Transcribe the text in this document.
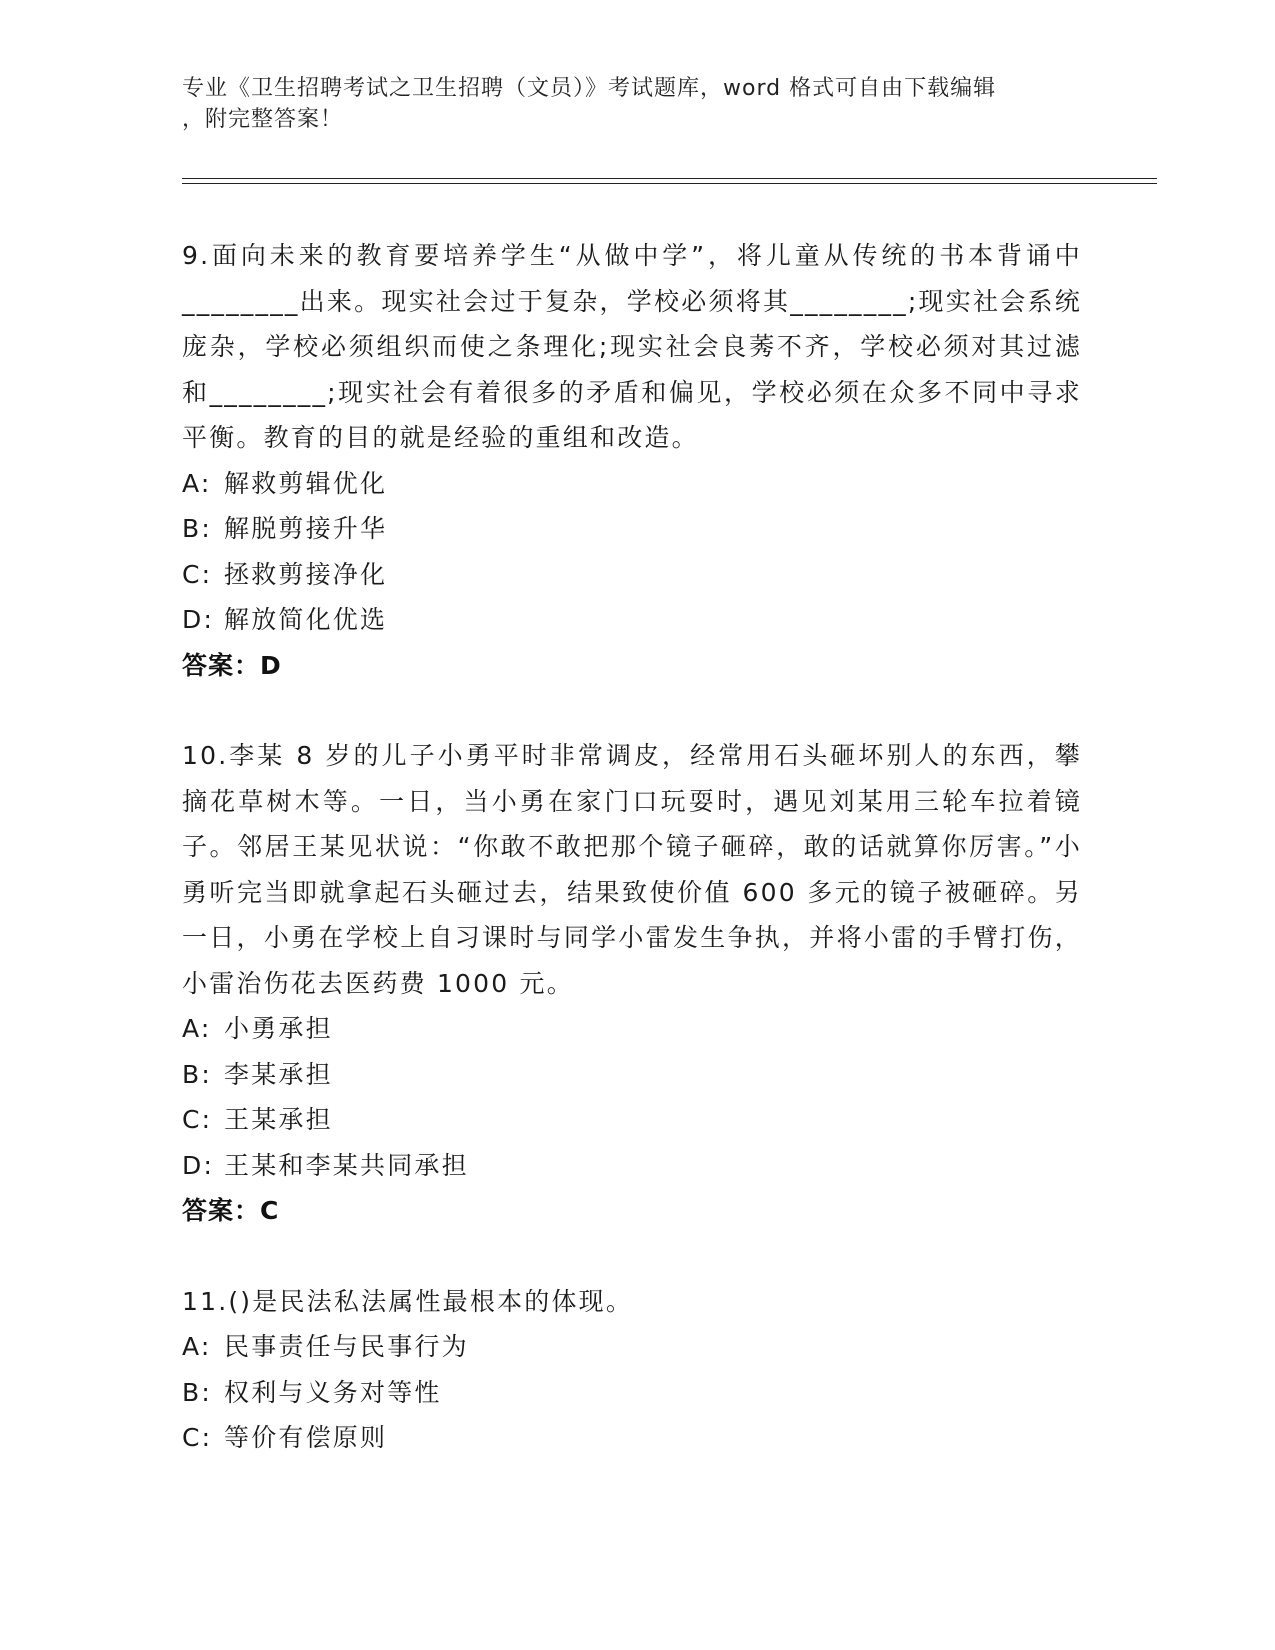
专业《卫生招聘考试之卫生招聘（文员）》考试题库，word 格式可自由下载编辑
，附完整答案！
9.面向未来的教育要培养学生“从做中学”，将儿童从传统的书本背诵中________出来。现实社会过于复杂，学校必须将其________;现实社会系统庞杂，学校必须组织而使之条理化;现实社会良莠不齐，学校必须对其过滤和________;现实社会有着很多的矛盾和偏见，学校必须在众多不同中寻求平衡。教育的目的就是经验的重组和改造。
A: 解救剪辑优化
B: 解脱剪接升华
C: 拯救剪接净化
D: 解放简化优选
答案：D
10.李某 8 岁的儿子小勇平时非常调皮，经常用石头砸坏别人的东西，攀摘花草树木等。一日，当小勇在家门口玩耍时，遇见刘某用三轮车拉着镜子。邻居王某见状说：“你敢不敢把那个镜子砸碎，敢的话就算你厉害。”小勇听完当即就拿起石头砸过去，结果致使价值 600 多元的镜子被砸碎。另一日，小勇在学校上自习课时与同学小雷发生争执，并将小雷的手臂打伤，小雷治伤花去医药费 1000 元。
A: 小勇承担
B: 李某承担
C: 王某承担
D: 王某和李某共同承担
答案：C
11.()是民法私法属性最根本的体现。
A: 民事责任与民事行为
B: 权利与义务对等性
C: 等价有偿原则
